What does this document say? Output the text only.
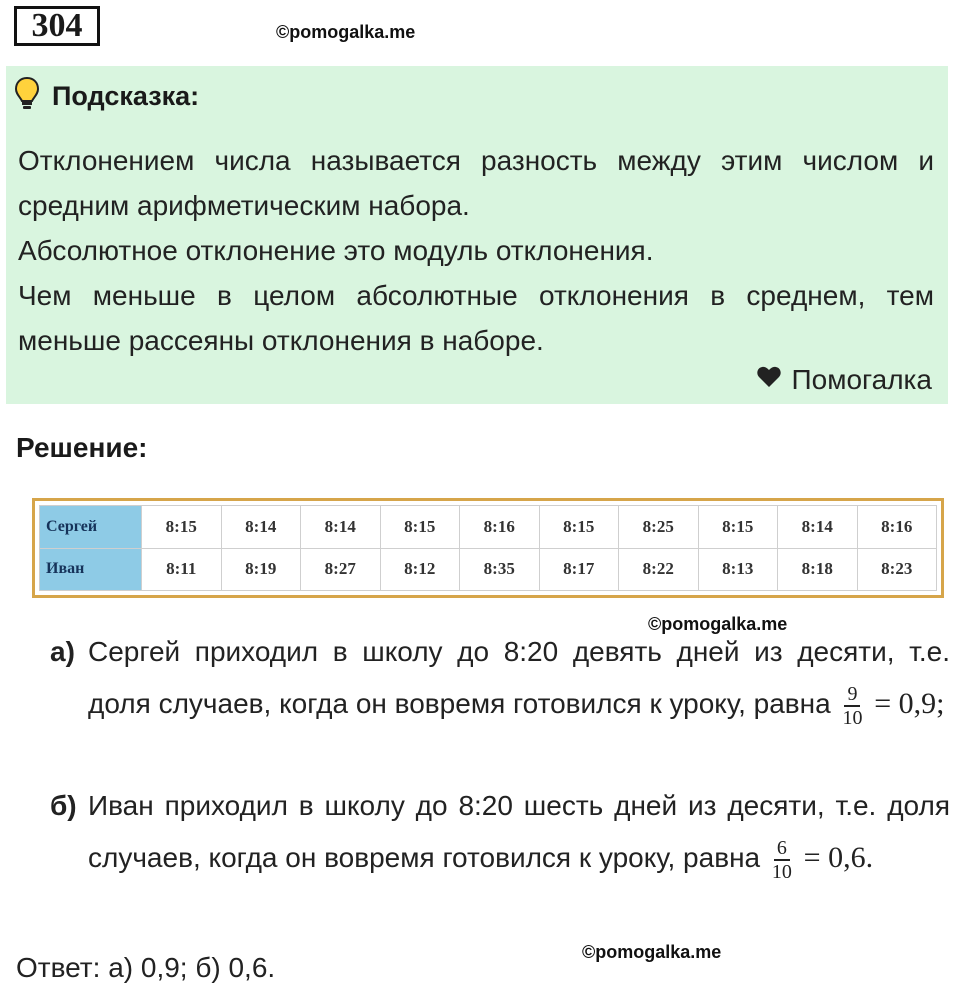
304	©pomogalka.me
Подсказка:

Отклонением числа называется разность между этим числом и средним арифметическим набора.

Абсолютное отклонение это модуль отклонения.

Чем меньше в целом абсолютные отклонения в среднем, тем меньше рассеяны отклонения в наборе.

Помогалка
Решение:
Сергей	8:15	8:14	8:14	8:15	8:16	8:15	8:25	8:15	8:14	8:16
Иван	8:11	8:19	8:27	8:12	8:35	8:17	8:22	8:13	8:18	8:23
©pomogalka.me
а) Сергей приходил в школу до 8:20 девять дней из десяти, т.е. доля случаев, когда он вовремя готовился к уроку, равна $\frac{9}{10} = 0,9$;
б) Иван приходил в школу до 8:20 шесть дней из десяти, т.е. доля случаев, когда он вовремя готовился к уроку, равна $\frac{6}{10} = 0,6$.
©pomogalka.me
Ответ: а) 0,9; б) 0,6.
